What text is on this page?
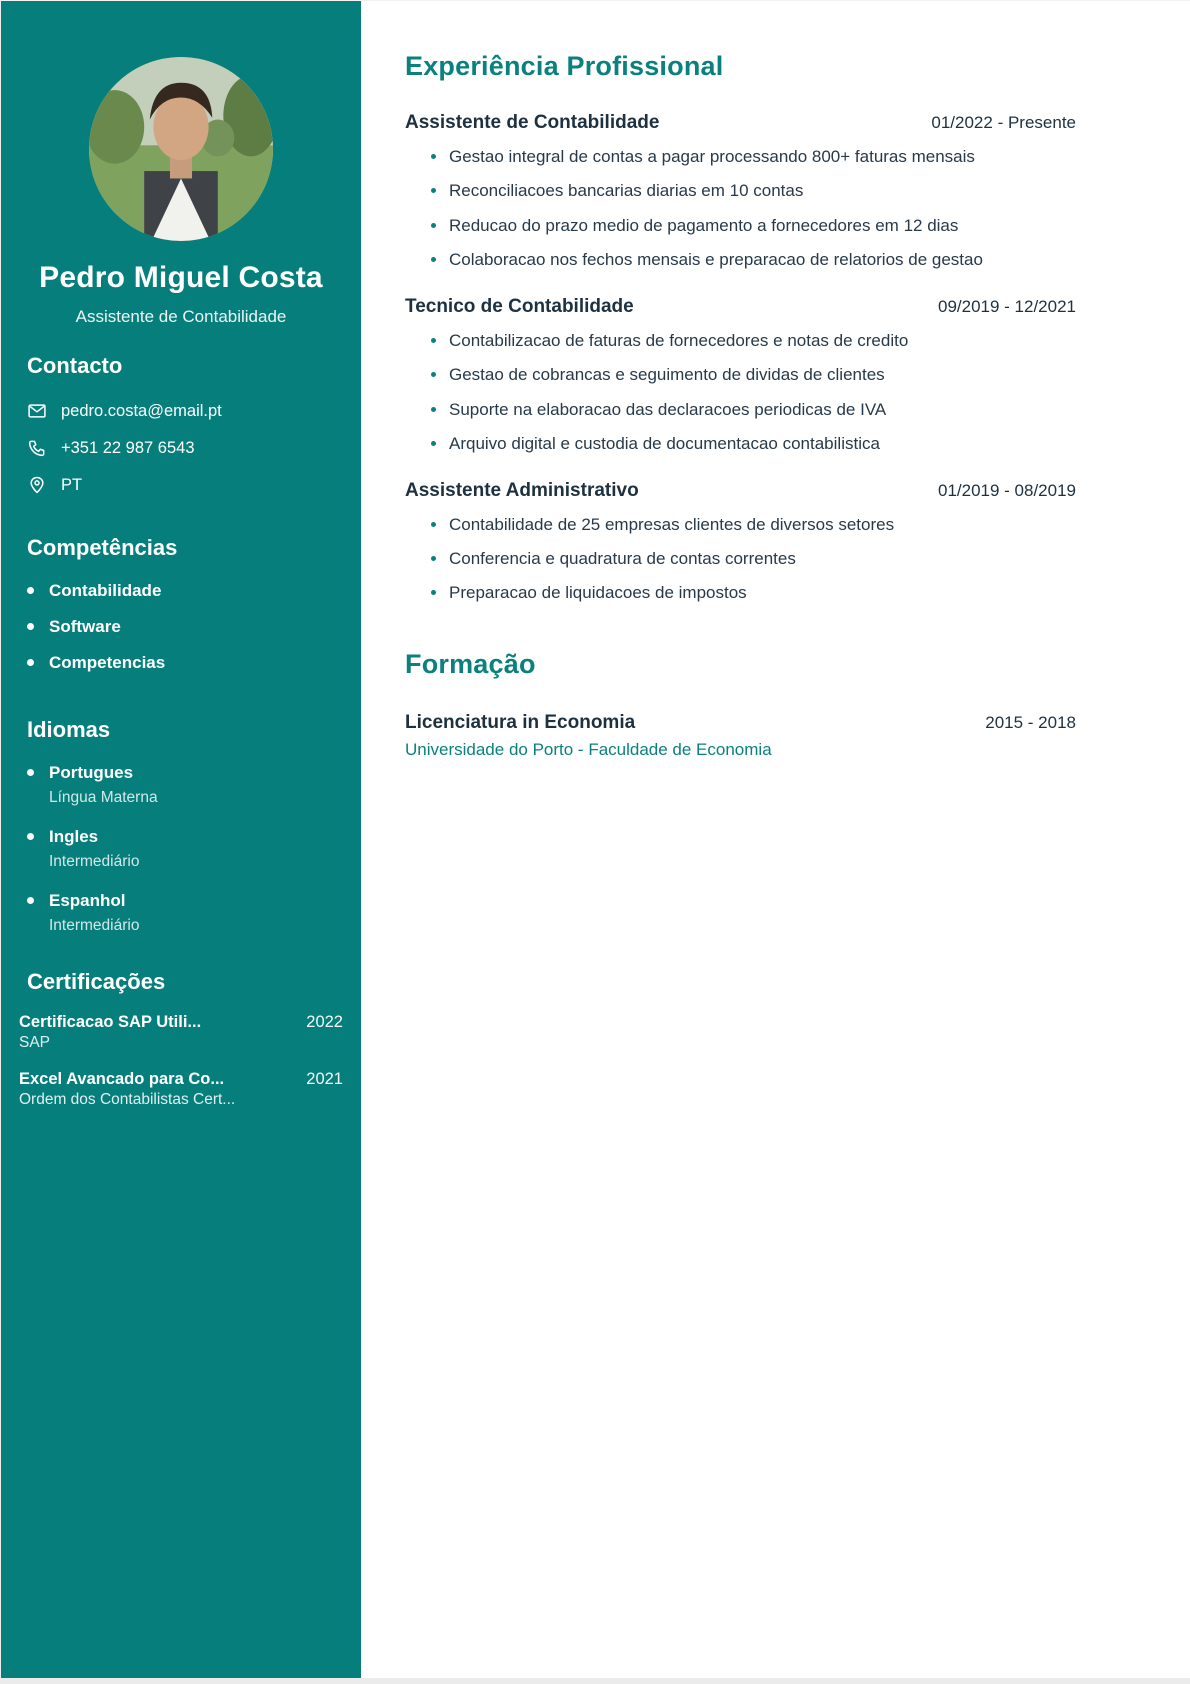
Pedro Miguel Costa
Assistente de Contabilidade
Contacto
pedro.costa@email.pt
+351 22 987 6543
PT
Competências
Contabilidade
Software
Competencias
Idiomas
Portugues
Língua Materna
Ingles
Intermediário
Espanhol
Intermediário
Certificações
Certificacao SAP Utili...	2022
SAP
Excel Avancado para Co...	2021
Ordem dos Contabilistas Cert...
Experiência Profissional
Assistente de Contabilidade	01/2022 - Presente
Gestao integral de contas a pagar processando 800+ faturas mensais
Reconciliacoes bancarias diarias em 10 contas
Reducao do prazo medio de pagamento a fornecedores em 12 dias
Colaboracao nos fechos mensais e preparacao de relatorios de gestao
Tecnico de Contabilidade	09/2019 - 12/2021
Contabilizacao de faturas de fornecedores e notas de credito
Gestao de cobrancas e seguimento de dividas de clientes
Suporte na elaboracao das declaracoes periodicas de IVA
Arquivo digital e custodia de documentacao contabilistica
Assistente Administrativo	01/2019 - 08/2019
Contabilidade de 25 empresas clientes de diversos setores
Conferencia e quadratura de contas correntes
Preparacao de liquidacoes de impostos
Formação
Licenciatura in Economia	2015 - 2018
Universidade do Porto - Faculdade de Economia
